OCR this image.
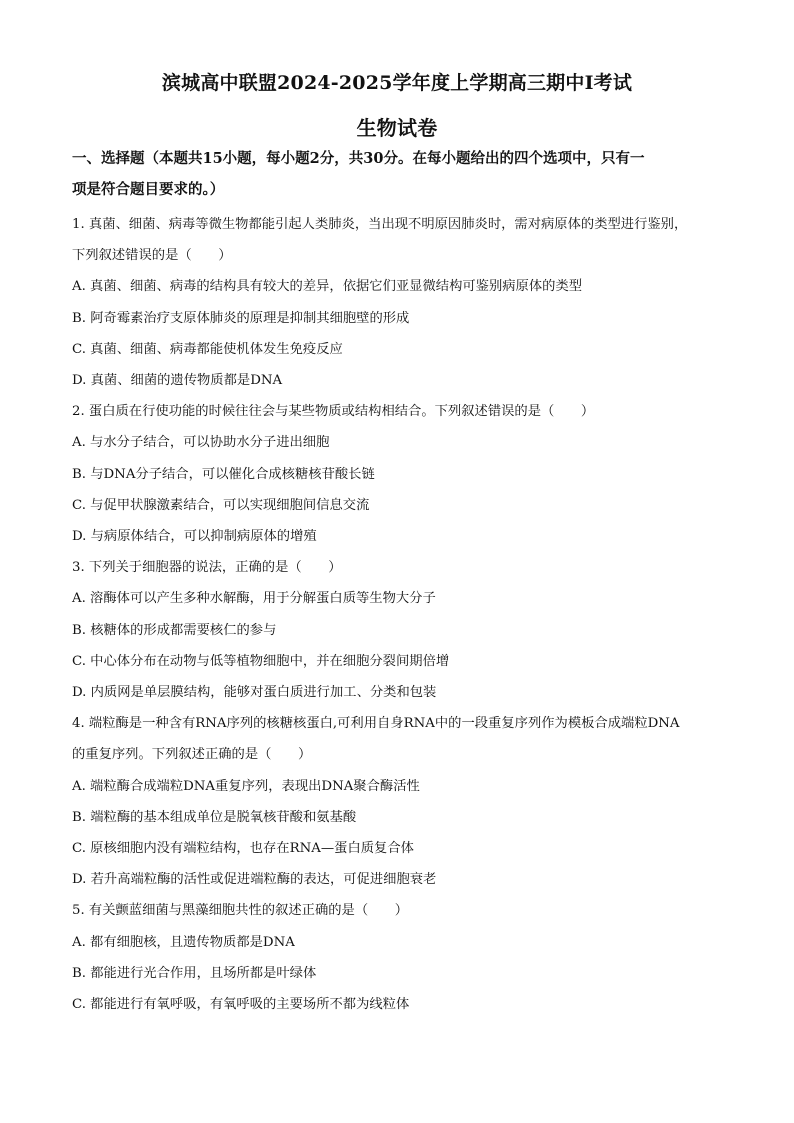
滨城高中联盟2024-2025学年度上学期高三期中Ⅰ考试
生物试卷
一、选择题（本题共15小题，每小题2分，共30分。在每小题给出的四个选项中，只有一
项是符合题目要求的。）
1. 真菌、细菌、病毒等微生物都能引起人类肺炎，当出现不明原因肺炎时，需对病原体的类型进行鉴别，
下列叙述错误的是（　　）
A. 真菌、细菌、病毒的结构具有较大的差异，依据它们亚显微结构可鉴别病原体的类型
B. 阿奇霉素治疗支原体肺炎的原理是抑制其细胞壁的形成
C. 真菌、细菌、病毒都能使机体发生免疫反应
D. 真菌、细菌的遗传物质都是DNA
2. 蛋白质在行使功能的时候往往会与某些物质或结构相结合。下列叙述错误的是（　　）
A. 与水分子结合，可以协助水分子进出细胞
B. 与DNA分子结合，可以催化合成核糖核苷酸长链
C. 与促甲状腺激素结合，可以实现细胞间信息交流
D. 与病原体结合，可以抑制病原体的增殖
3. 下列关于细胞器的说法，正确的是（　　）
A. 溶酶体可以产生多种水解酶，用于分解蛋白质等生物大分子
B. 核糖体的形成都需要核仁的参与
C. 中心体分布在动物与低等植物细胞中，并在细胞分裂间期倍增
D. 内质网是单层膜结构，能够对蛋白质进行加工、分类和包装
4. 端粒酶是一种含有RNA序列的核糖核蛋白,可利用自身RNA中的一段重复序列作为模板合成端粒DNA
的重复序列。下列叙述正确的是（　　）
A. 端粒酶合成端粒DNA重复序列，表现出DNA聚合酶活性
B. 端粒酶的基本组成单位是脱氧核苷酸和氨基酸
C. 原核细胞内没有端粒结构，也存在RNA—蛋白质复合体
D. 若升高端粒酶的活性或促进端粒酶的表达，可促进细胞衰老
5. 有关颤蓝细菌与黑藻细胞共性的叙述正确的是（　　）
A. 都有细胞核，且遗传物质都是DNA
B. 都能进行光合作用，且场所都是叶绿体
C. 都能进行有氧呼吸，有氧呼吸的主要场所不都为线粒体
